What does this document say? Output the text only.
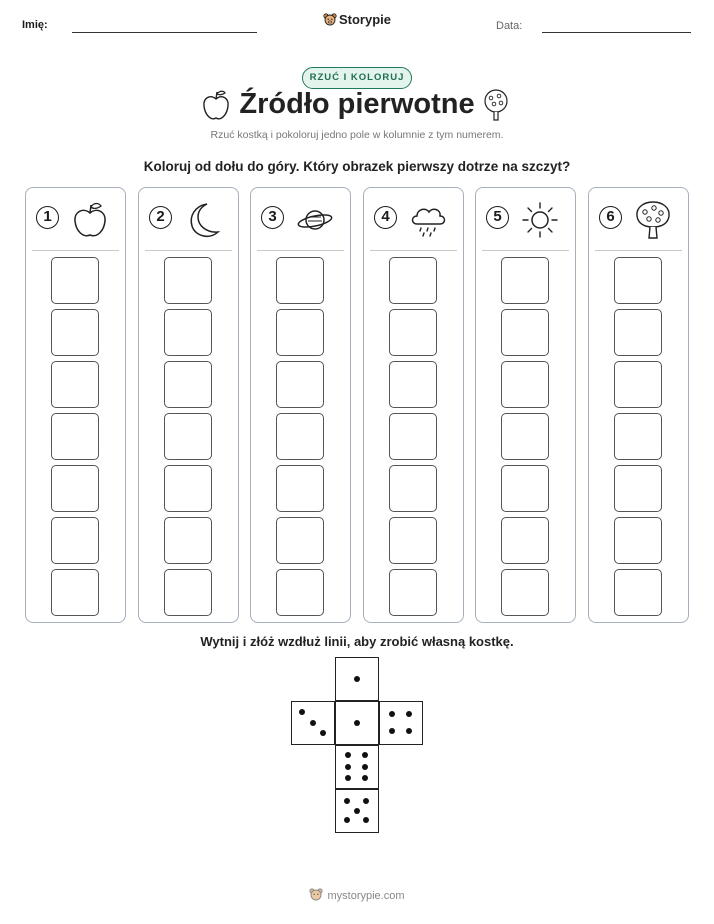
Imię:	Storypie	Data:
RZUĆ I KOLORUJ
Źródło pierwotne
Rzuć kostką i pokoloruj jedno pole w kolumnie z tym numerem.
Koloruj od dołu do góry. Który obrazek pierwszy dotrze na szczyt?
1	2	3	4	5	6
Wytnij i złóż wzdłuż linii, aby zrobić własną kostkę.
mystorypie.com
